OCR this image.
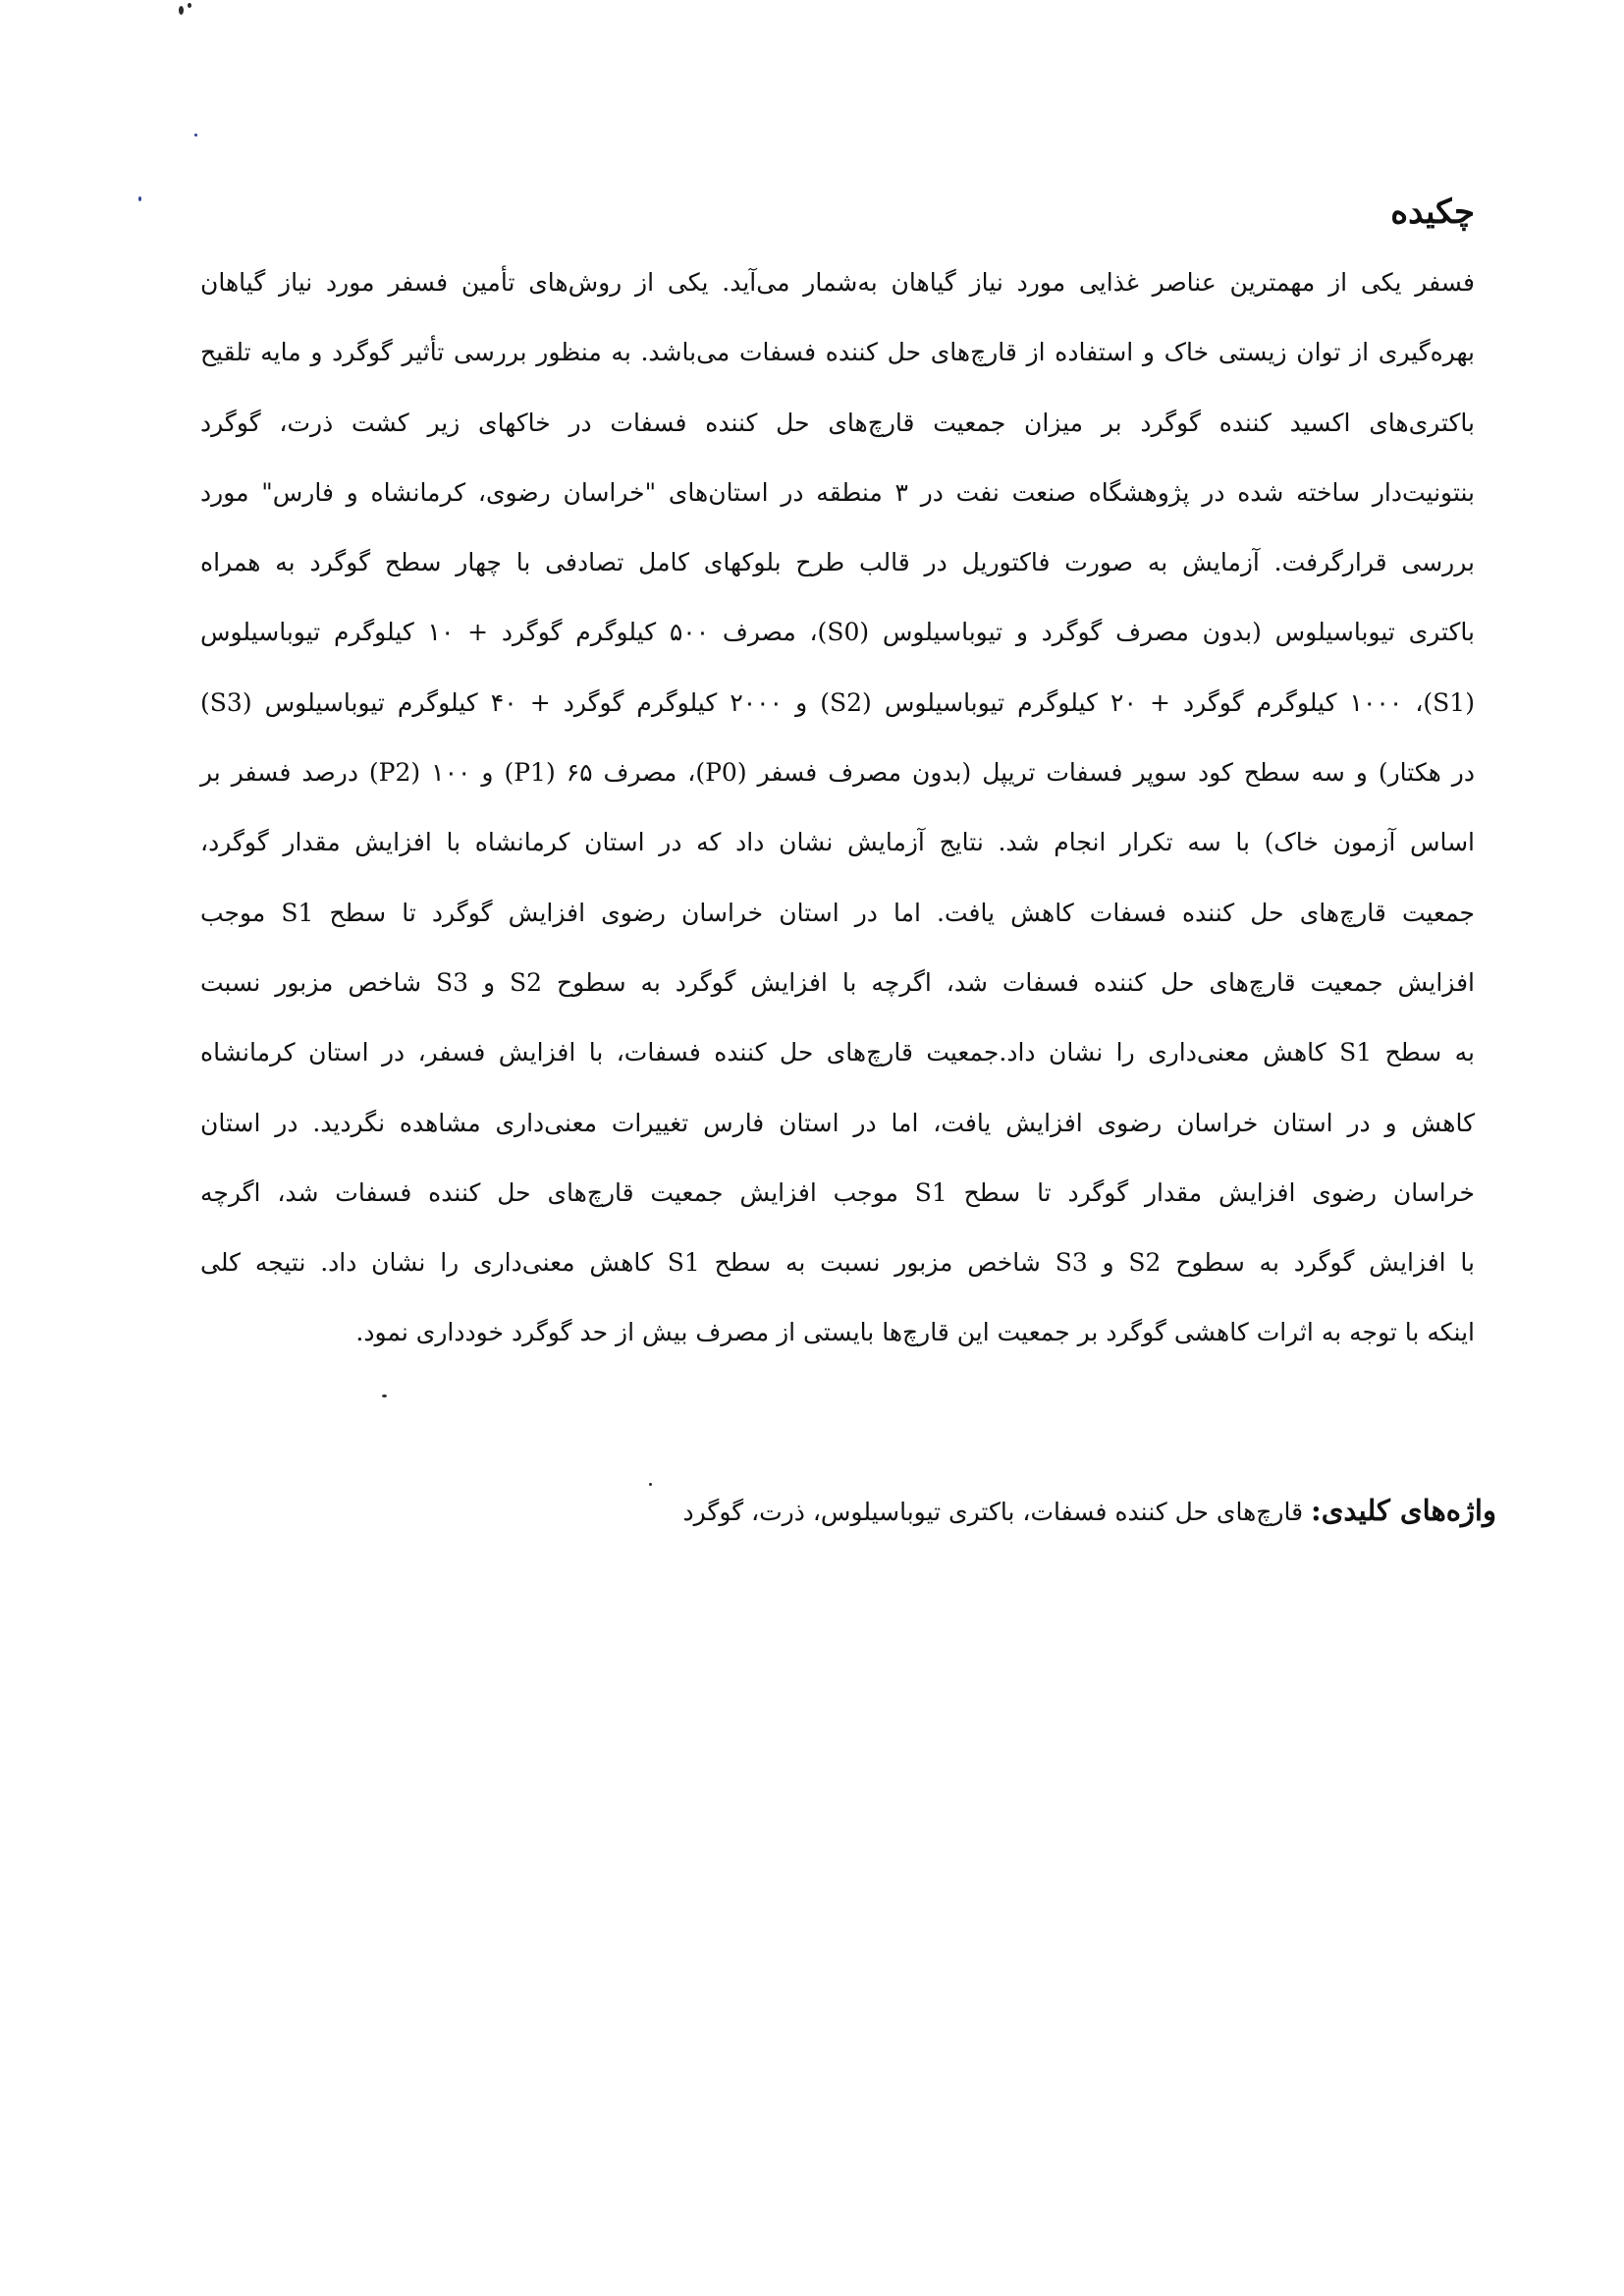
چکیده
فسفر یکی از مهمترین عناصر غذایی مورد نیاز گیاهان به‌شمار می‌آید. یکی از روش‌های تأمین فسفر مورد نیاز گیاهان
بهره‌گیری از توان زیستی خاک و استفاده از قارچ‌های حل کننده فسفات می‌باشد. به منظور بررسی تأثیر گوگرد و مایه تلقیح
باکتری‌های اکسید کننده گوگرد بر میزان جمعیت قارچ‌های حل کننده فسفات در خاکهای زیر کشت ذرت، گوگرد
بنتونیت‌دار ساخته شده در پژوهشگاه صنعت نفت در ۳ منطقه در استان‌های "خراسان رضوی، کرمانشاه و فارس" مورد
بررسی قرارگرفت. آزمایش به صورت فاکتوریل در قالب طرح بلوکهای کامل تصادفی با چهار سطح گوگرد به همراه
باکتری تیوباسیلوس (بدون مصرف گوگرد و تیوباسیلوس (S0)، مصرف ۵۰۰ کیلوگرم گوگرد + ۱۰ کیلوگرم تیوباسیلوس
(S1)، ۱۰۰۰ کیلوگرم گوگرد + ۲۰ کیلوگرم تیوباسیلوس (S2) و ۲۰۰۰ کیلوگرم گوگرد + ۴۰ کیلوگرم تیوباسیلوس (S3)
در هکتار) و سه سطح کود سوپر فسفات تریپل (بدون مصرف فسفر (P0)، مصرف ۶۵ (P1) و ۱۰۰ (P2) درصد فسفر بر
اساس آزمون خاک) با سه تکرار انجام شد. نتایج آزمایش نشان داد که در استان کرمانشاه با افزایش مقدار گوگرد،
جمعیت قارچ‌های حل کننده فسفات کاهش یافت. اما در استان خراسان رضوی افزایش گوگرد تا سطح S1 موجب
افزایش جمعیت قارچ‌های حل کننده فسفات شد، اگرچه با افزایش گوگرد به سطوح S2 و S3 شاخص مزبور نسبت
به سطح S1 کاهش معنی‌داری را نشان داد.جمعیت قارچ‌های حل کننده فسفات، با افزایش فسفر، در استان کرمانشاه
کاهش و در استان خراسان رضوی افزایش یافت، اما در استان فارس تغییرات معنی‌داری مشاهده نگردید. در استان
خراسان رضوی افزایش مقدار گوگرد تا سطح S1 موجب افزایش جمعیت قارچ‌های حل کننده فسفات شد، اگرچه
با افزایش گوگرد به سطوح S2 و S3 شاخص مزبور نسبت به سطح S1 کاهش معنی‌داری را نشان داد. نتیجه کلی
اینکه با توجه به اثرات کاهشی گوگرد بر جمعیت این قارچ‌ها بایستی از مصرف بیش از حد گوگرد خودداری نمود.
واژه‌های کلیدی: قارچ‌های حل کننده فسفات، باکتری تیوباسیلوس، ذرت، گوگرد
